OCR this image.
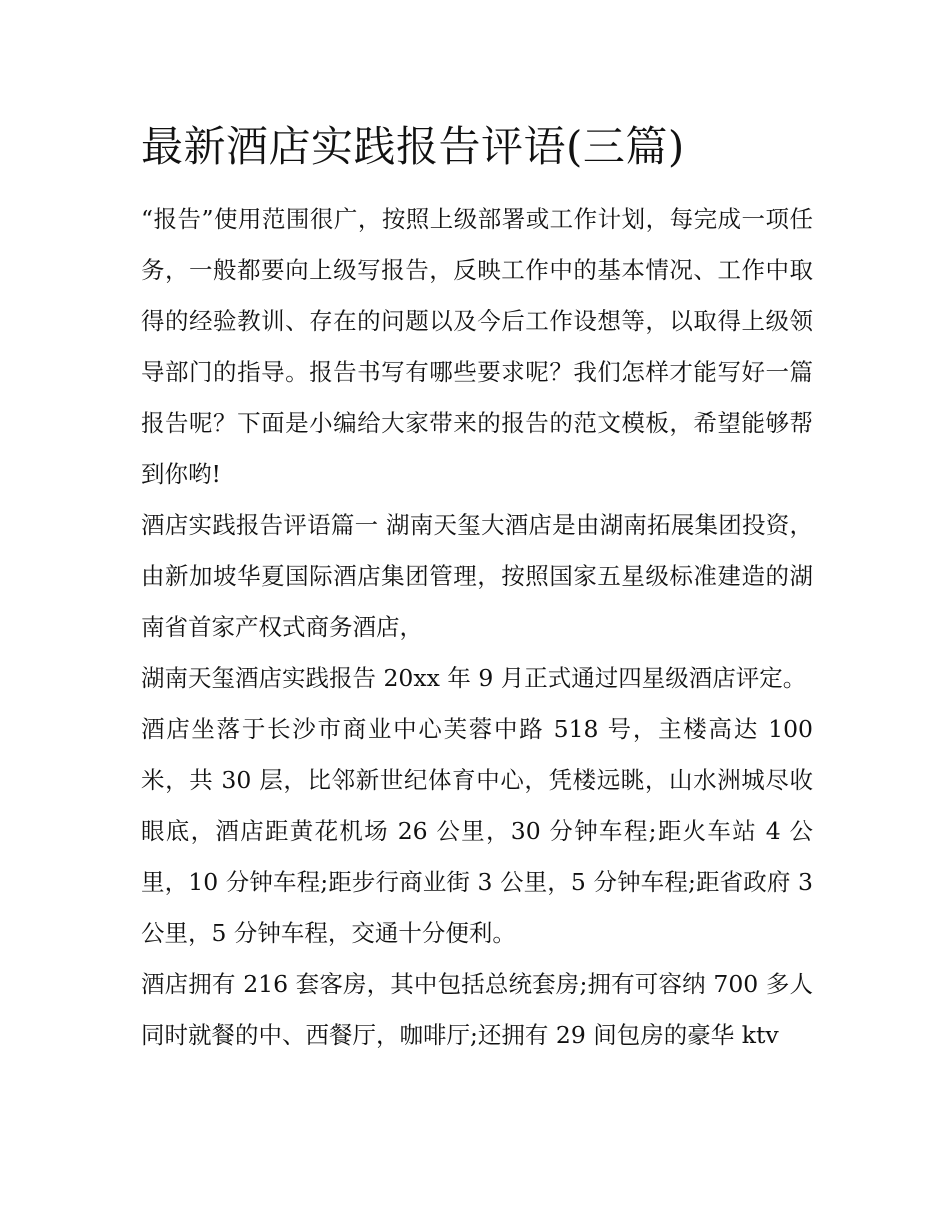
最新酒店实践报告评语(三篇)

“报告”使用范围很广，按照上级部署或工作计划，每完成一项任务，一般都要向上级写报告，反映工作中的基本情况、工作中取得的经验教训、存在的问题以及今后工作设想等，以取得上级领导部门的指导。报告书写有哪些要求呢？我们怎样才能写好一篇报告呢？下面是小编给大家带来的报告的范文模板，希望能够帮到你哟!

酒店实践报告评语篇一 湖南天玺大酒店是由湖南拓展集团投资，由新加坡华夏国际酒店集团管理，按照国家五星级标准建造的湖南省首家产权式商务酒店，

湖南天玺酒店实践报告 20xx 年 9 月正式通过四星级酒店评定。

酒店坐落于长沙市商业中心芙蓉中路 518 号，主楼高达 100 米，共 30 层，比邻新世纪体育中心，凭楼远眺，山水洲城尽收眼底，酒店距黄花机场 26 公里，30 分钟车程;距火车站 4 公里，10 分钟车程;距步行商业街 3 公里，5 分钟车程;距省政府 3 公里，5 分钟车程，交通十分便利。

酒店拥有 216 套客房，其中包括总统套房;拥有可容纳 700 多人同时就餐的中、西餐厅，咖啡厅;还拥有 29 间包房的豪华 ktv
